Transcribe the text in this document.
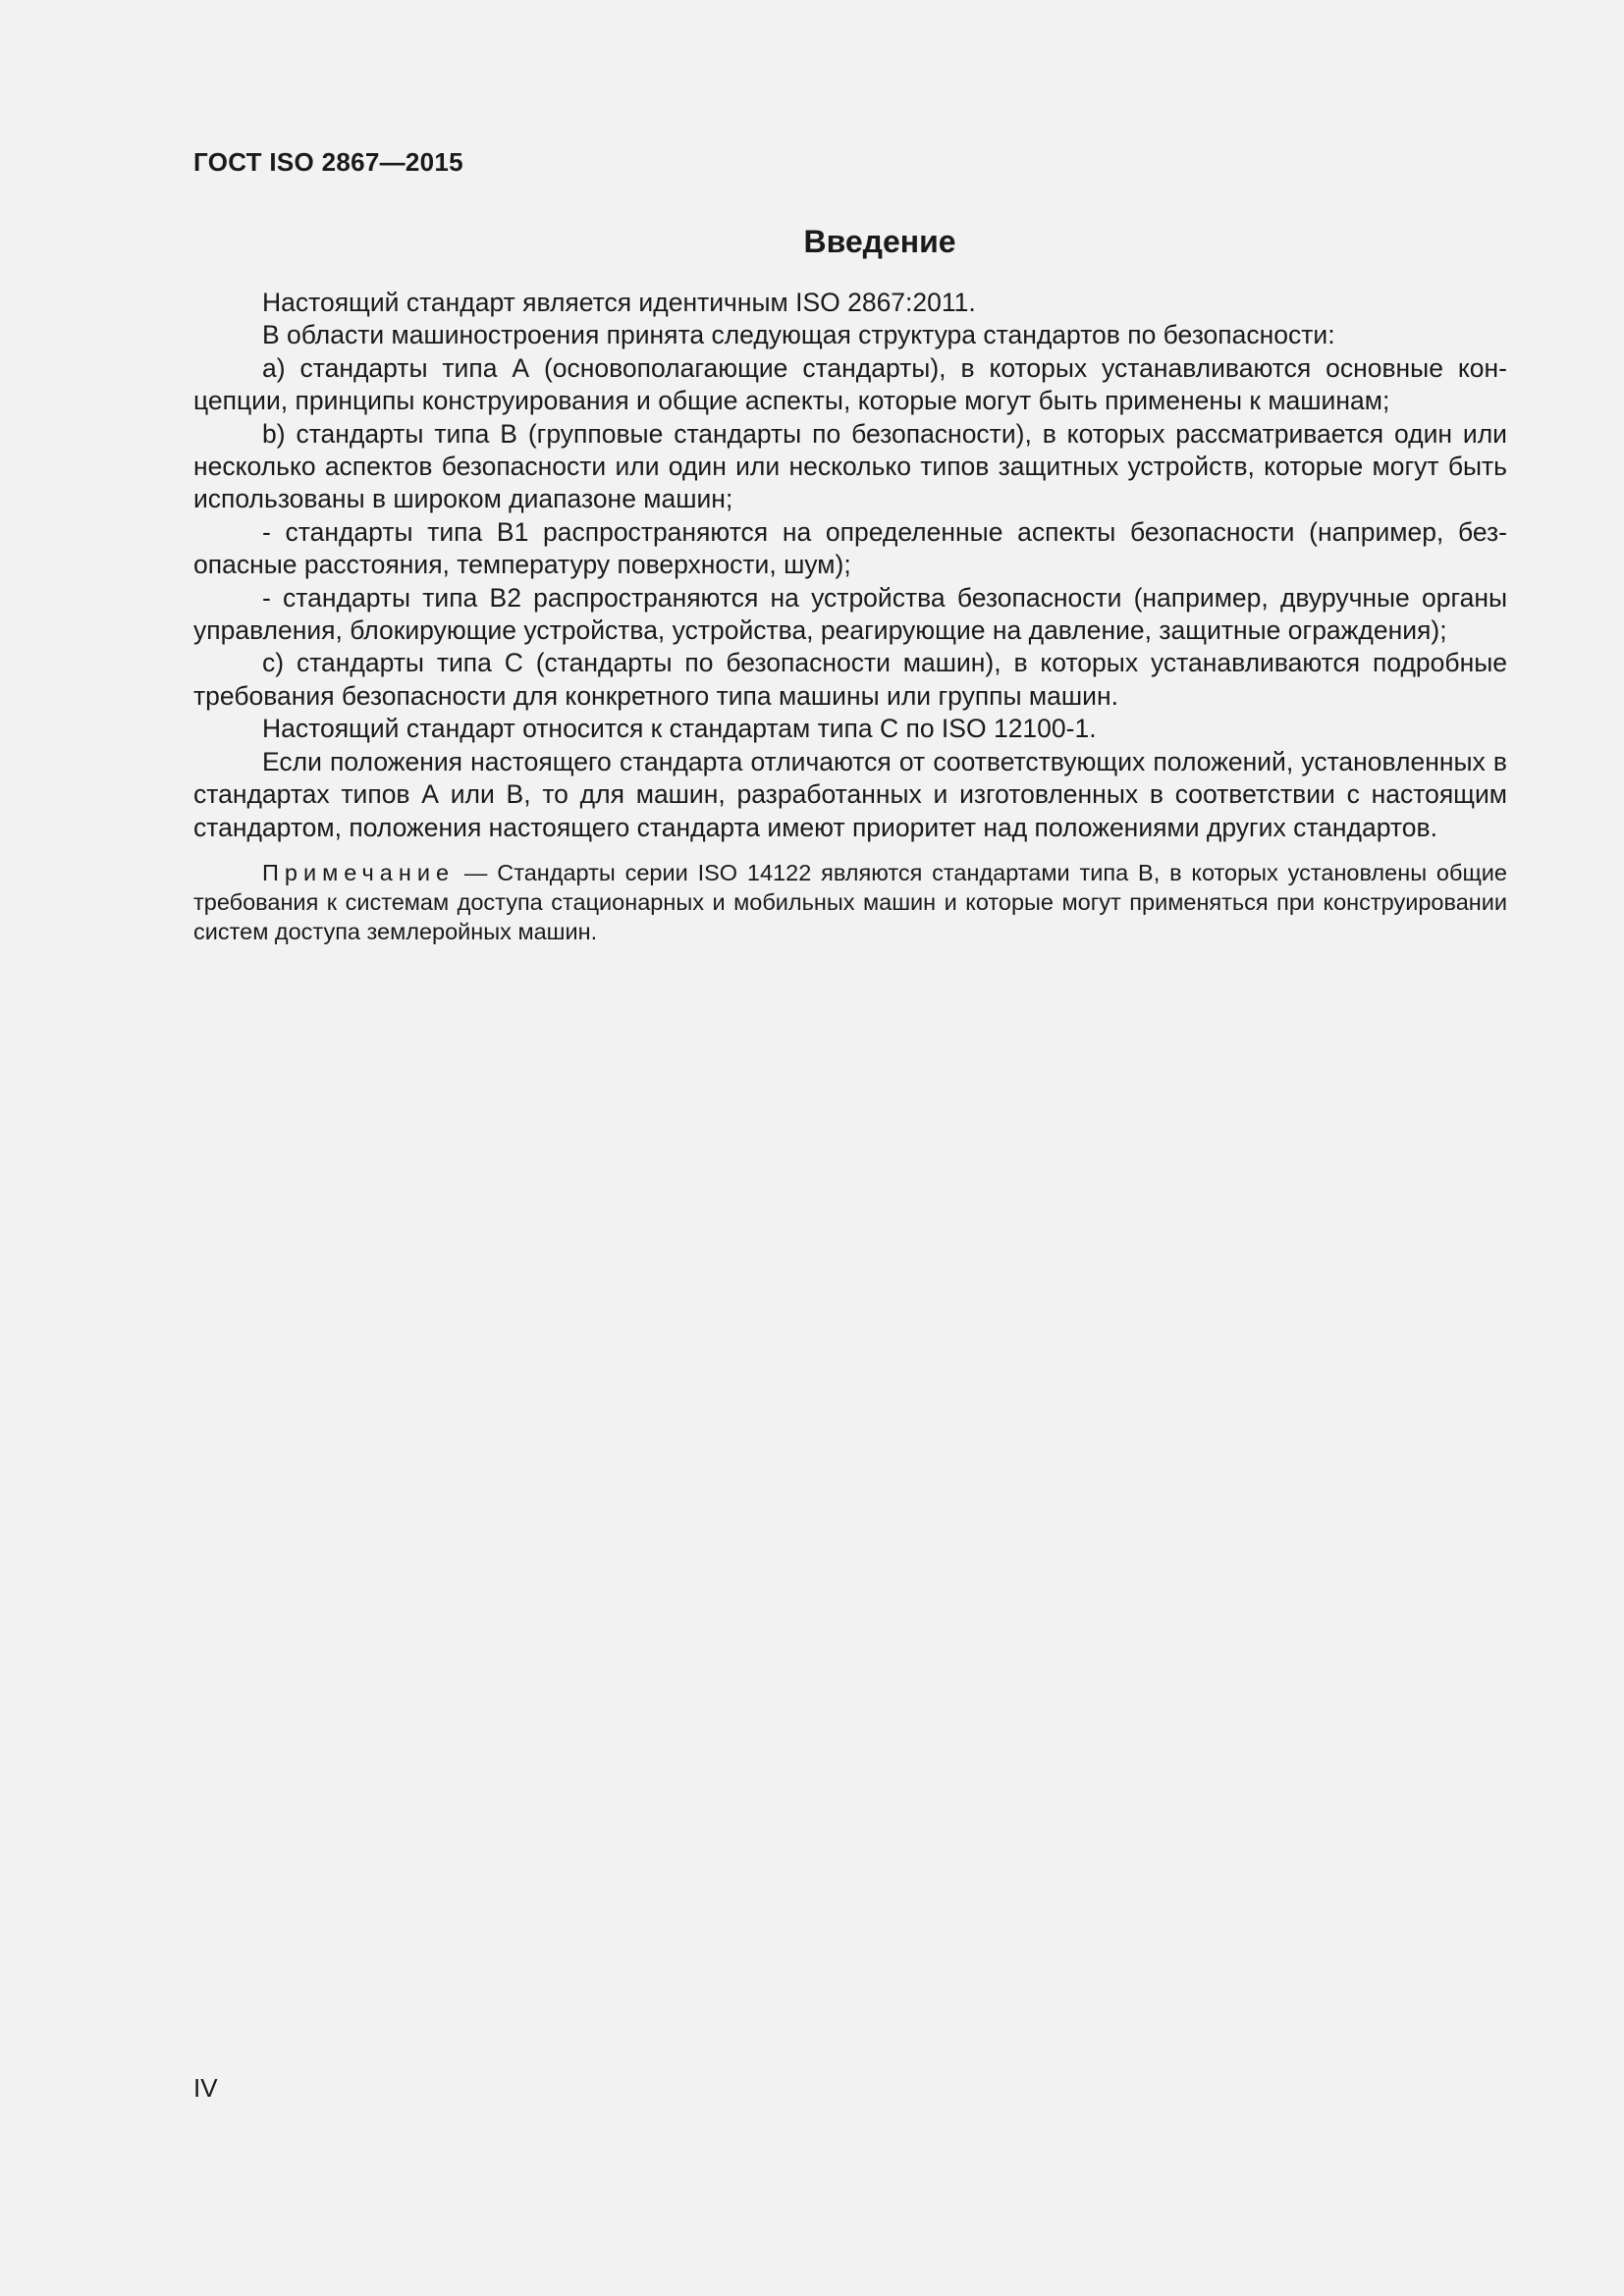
ГОСТ ISO 2867—2015
Введение

Настоящий стандарт является идентичным ISO 2867:2011.

В области машиностроения принята следующая структура стандартов по безопасности:

a) стандарты типа А (основополагающие стандарты), в которых устанавливаются основные концепции, принципы конструирования и общие аспекты, которые могут быть применены к машинам;

b) стандарты типа В (групповые стандарты по безопасности), в которых рассматривается один или несколько аспектов безопасности или один или несколько типов защитных устройств, которые могут быть использованы в широком диапазоне машин;

- стандарты типа В1 распространяются на определенные аспекты безопасности (например, безопасные расстояния, температуру поверхности, шум);

- стандарты типа В2 распространяются на устройства безопасности (например, двуручные органы управления, блокирующие устройства, устройства, реагирующие на давление, защитные ограждения);

c) стандарты типа С (стандарты по безопасности машин), в которых устанавливаются подробные требования безопасности для конкретного типа машины или группы машин.

Настоящий стандарт относится к стандартам типа С по ISO 12100-1.

Если положения настоящего стандарта отличаются от соответствующих положений, установленных в стандартах типов А или В, то для машин, разработанных и изготовленных в соответствии с настоящим стандартом, положения настоящего стандарта имеют приоритет над положениями других стандартов.

Примечание — Стандарты серии ISO 14122 являются стандартами типа В, в которых установлены общие требования к системам доступа стационарных и мобильных машин и которые могут применяться при конструировании систем доступа землеройных машин.

IV
